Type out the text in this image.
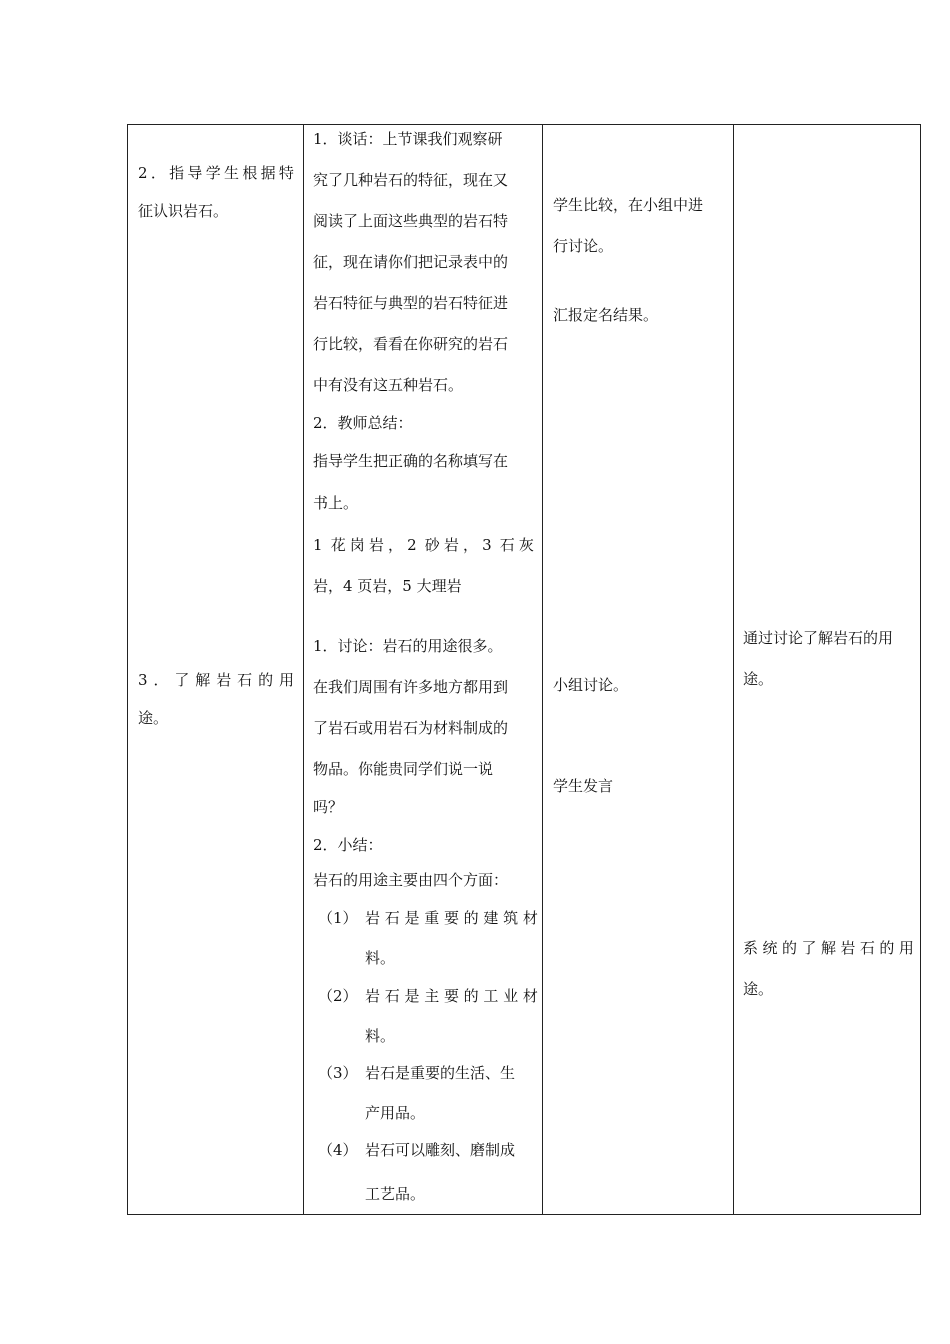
2 ． 指 导 学 生 根 据 特
征认识岩石。
3 ． 了 解 岩 石 的 用
途。
1．谈话：上节课我们观察研
究了几种岩石的特征，现在又
阅读了上面这些典型的岩石特
征，现在请你们把记录表中的
岩石特征与典型的岩石特征进
行比较，看看在你研究的岩石
中有没有这五种岩石。
2．教师总结：
指导学生把正确的名称填写在
书上。
1 花 岗 岩 ， 2 砂 岩 ， 3 石 灰
岩，4 页岩，5 大理岩
1．讨论：岩石的用途很多。
在我们周围有许多地方都用到
了岩石或用岩石为材料制成的
物品。你能贵同学们说一说
吗？
2．小结：
岩石的用途主要由四个方面：
（1） 岩 石 是 重 要 的 建 筑 材
料。
（2） 岩 石 是 主 要 的 工 业 材
料。
（3） 岩石是重要的生活、生
产用品。
（4） 岩石可以雕刻、磨制成
工艺品。
学生比较，在小组中进
行讨论。
汇报定名结果。
小组讨论。
学生发言
通过讨论了解岩石的用
途。
系 统 的 了 解 岩 石 的 用
途。
